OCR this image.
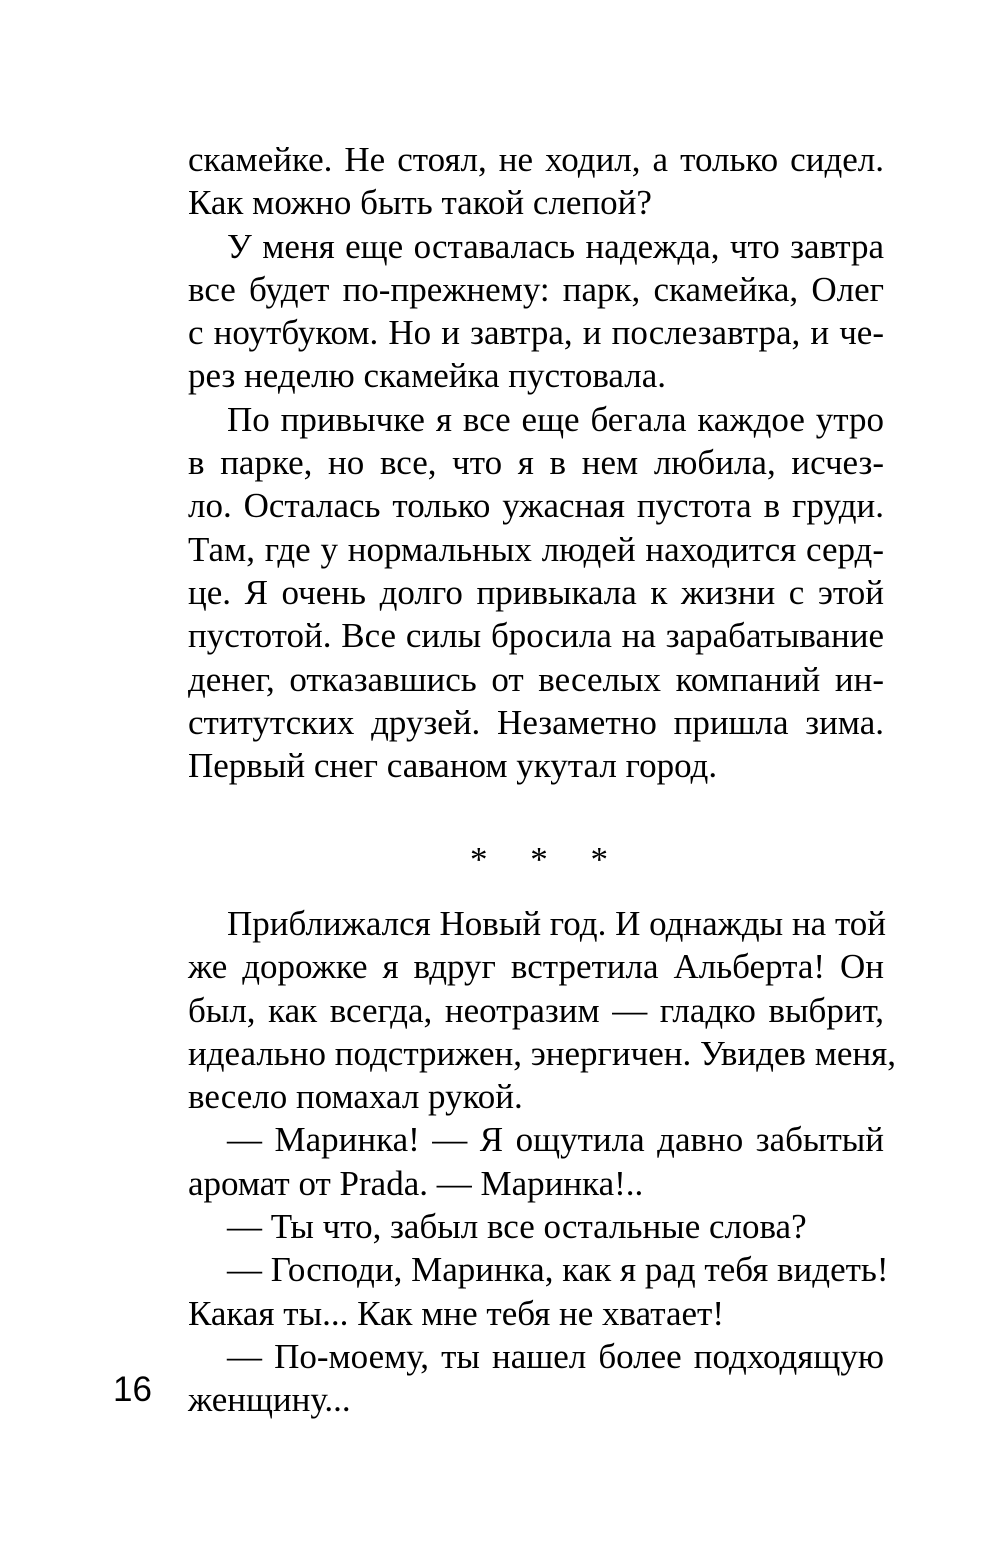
скамейке. Не стоял, не ходил, а только сидел.
Как можно быть такой слепой?

У меня еще оставалась надежда, что завтра
все будет по-прежнему: парк, скамейка, Олег
с ноутбуком. Но и завтра, и послезавтра, и че-
рез неделю скамейка пустовала.

По привычке я все еще бегала каждое утро
в парке, но все, что я в нем любила, исчез-
ло. Осталась только ужасная пустота в груди.
Там, где у нормальных людей находится серд-
це. Я очень долго привыкала к жизни с этой
пустотой. Все силы бросила на зарабатывание
денег, отказавшись от веселых компаний ин-
ститутских друзей. Незаметно пришла зима.
Первый снег саваном укутал город.

* * *

Приближался Новый год. И однажды на той
же дорожке я вдруг встретила Альберта! Он
был, как всегда, неотразим — гладко выбрит,
идеально подстрижен, энергичен. Увидев меня,
весело помахал рукой.

— Маринка! — Я ощутила давно забытый
аромат от Prada. — Маринка!..

— Ты что, забыл все остальные слова?

— Господи, Маринка, как я рад тебя видеть!
Какая ты... Как мне тебя не хватает!

— По-моему, ты нашел более подходящую
женщину...

16
